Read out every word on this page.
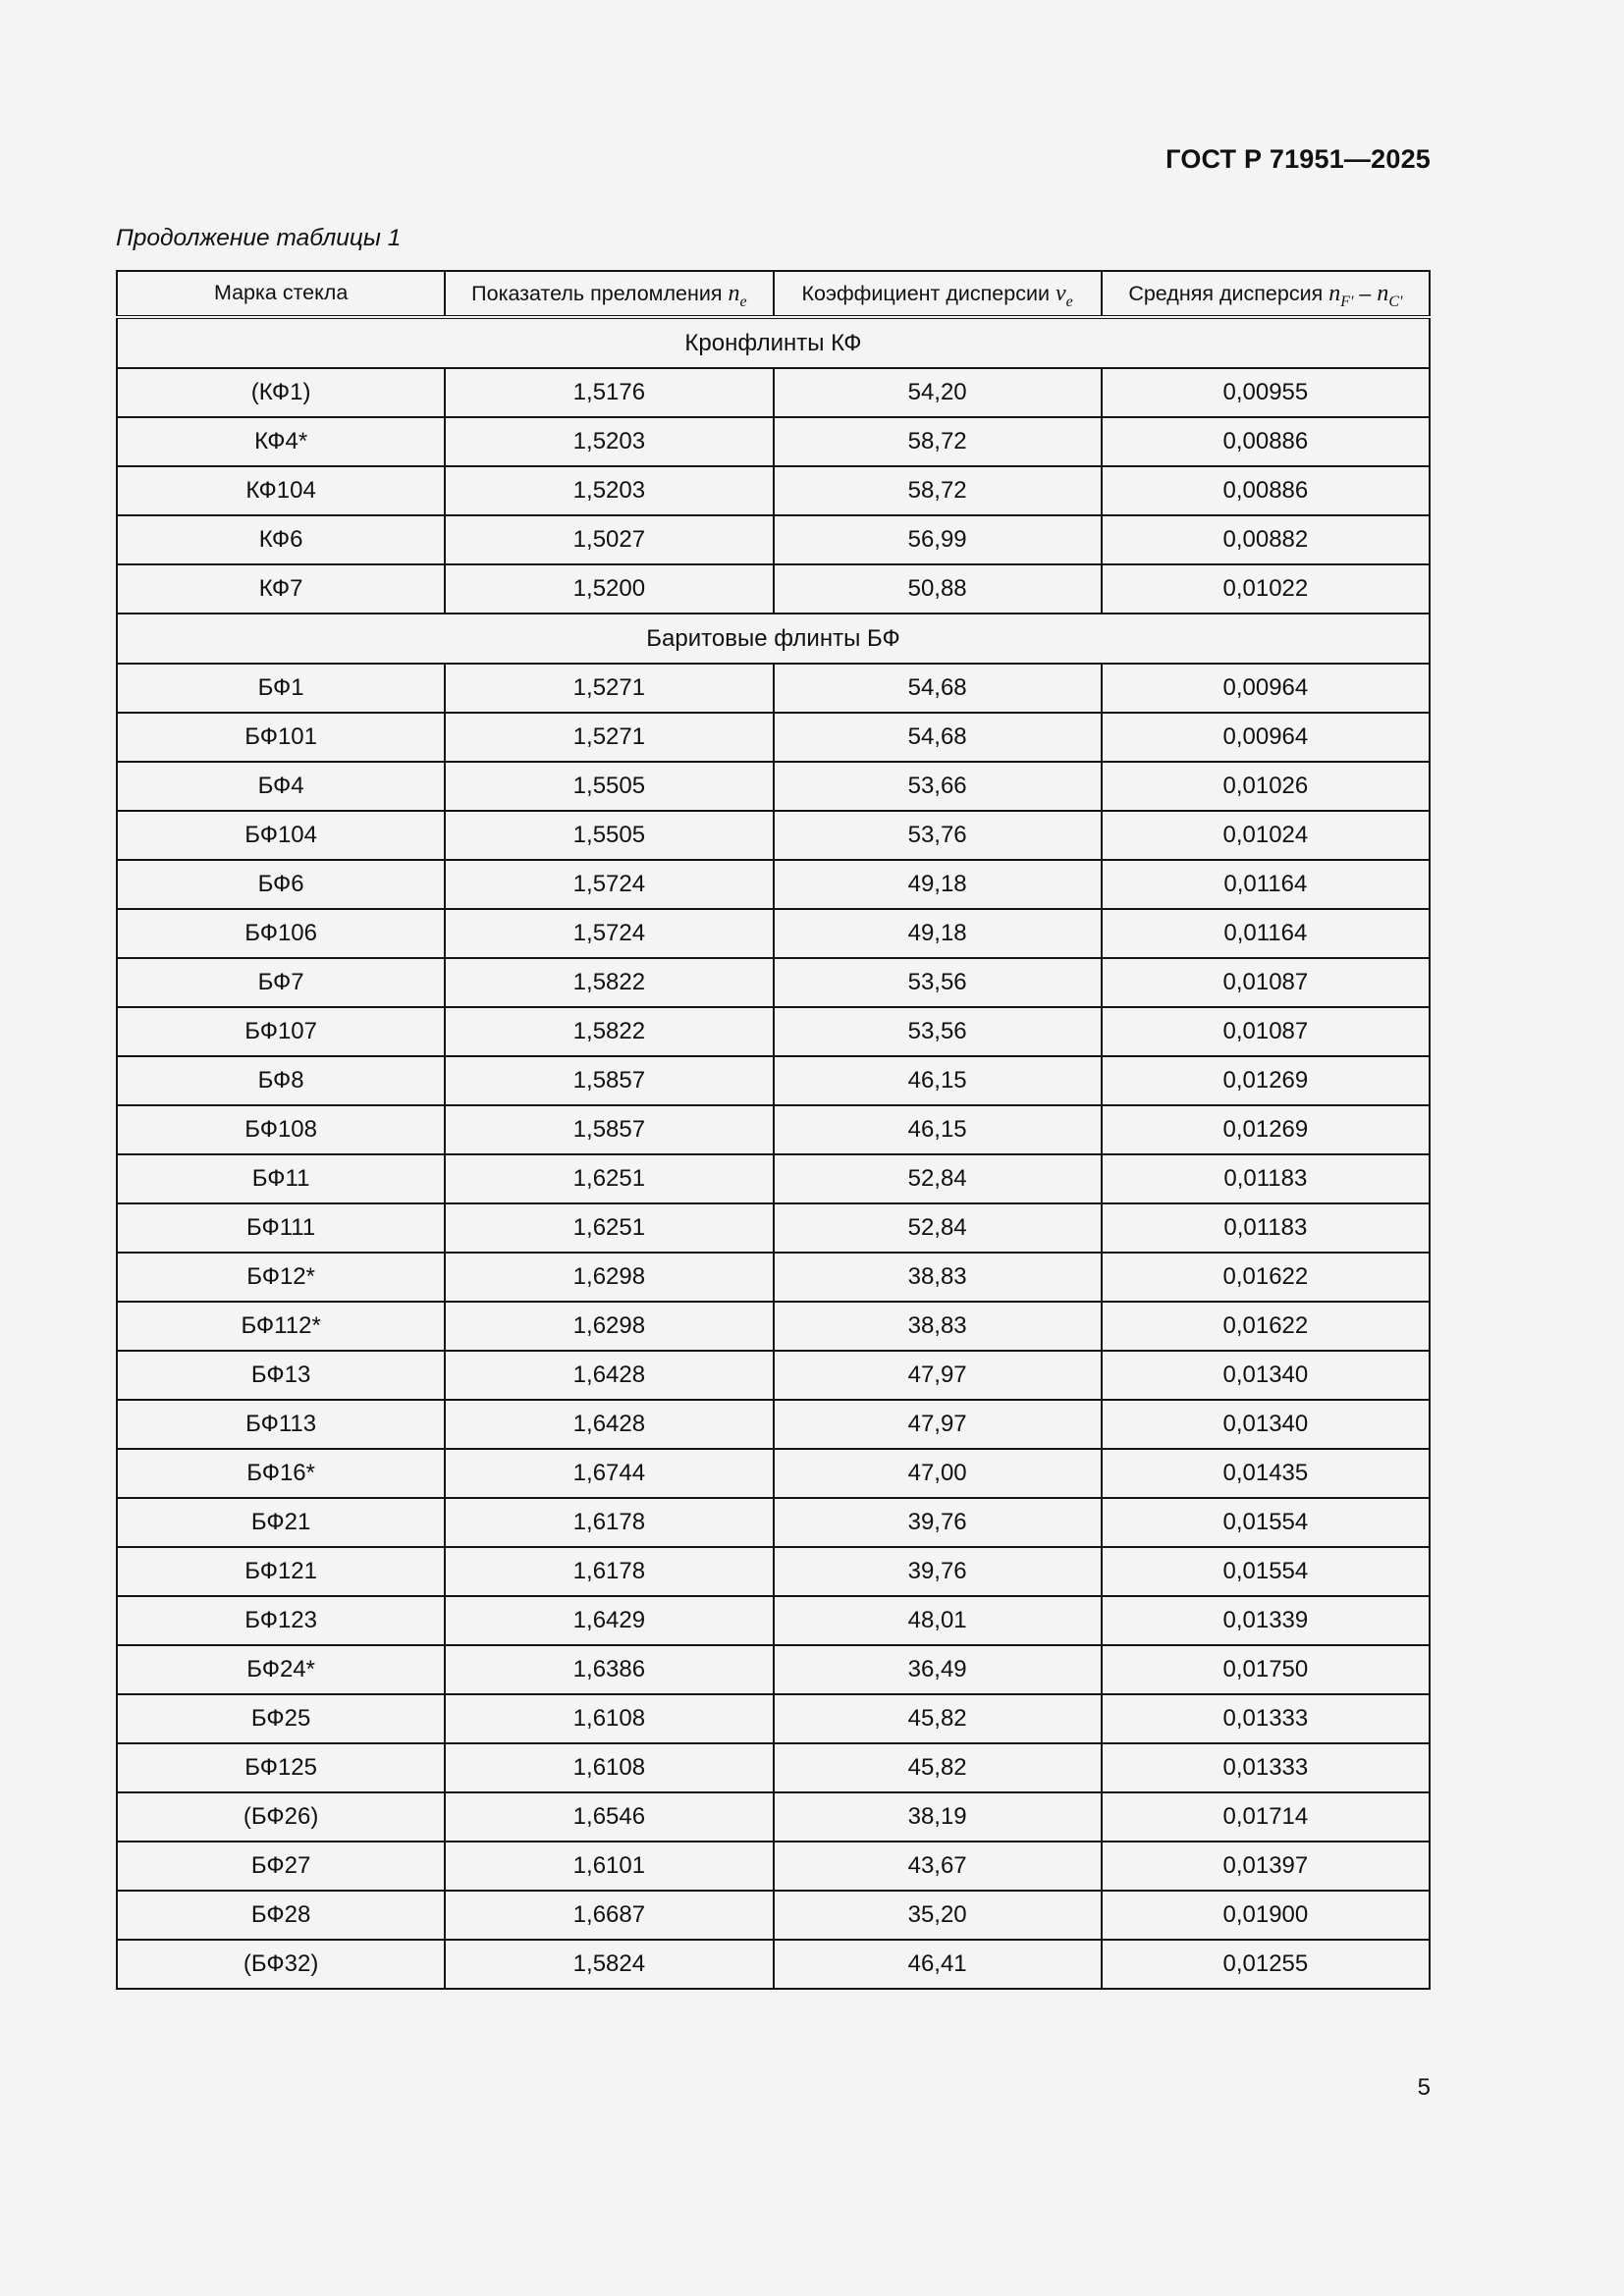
ГОСТ Р 71951—2025
Продолжение таблицы 1
Марка стекла	Показатель преломления $n_e$	Коэффициент дисперсии $v_e$	Средняя дисперсия $n_{F'} - n_{C'}$
Кронфлинты КФ			
(КФ1)	1,5176	54,20	0,00955
КФ4*	1,5203	58,72	0,00886
КФ104	1,5203	58,72	0,00886
КФ6	1,5027	56,99	0,00882
КФ7	1,5200	50,88	0,01022
Баритовые флинты БФ			
БФ1	1,5271	54,68	0,00964
БФ101	1,5271	54,68	0,00964
БФ4	1,5505	53,66	0,01026
БФ104	1,5505	53,76	0,01024
БФ6	1,5724	49,18	0,01164
БФ106	1,5724	49,18	0,01164
БФ7	1,5822	53,56	0,01087
БФ107	1,5822	53,56	0,01087
БФ8	1,5857	46,15	0,01269
БФ108	1,5857	46,15	0,01269
БФ11	1,6251	52,84	0,01183
БФ111	1,6251	52,84	0,01183
БФ12*	1,6298	38,83	0,01622
БФ112*	1,6298	38,83	0,01622
БФ13	1,6428	47,97	0,01340
БФ113	1,6428	47,97	0,01340
БФ16*	1,6744	47,00	0,01435
БФ21	1,6178	39,76	0,01554
БФ121	1,6178	39,76	0,01554
БФ123	1,6429	48,01	0,01339
БФ24*	1,6386	36,49	0,01750
БФ25	1,6108	45,82	0,01333
БФ125	1,6108	45,82	0,01333
(БФ26)	1,6546	38,19	0,01714
БФ27	1,6101	43,67	0,01397
БФ28	1,6687	35,20	0,01900
(БФ32)	1,5824	46,41	0,01255
5
